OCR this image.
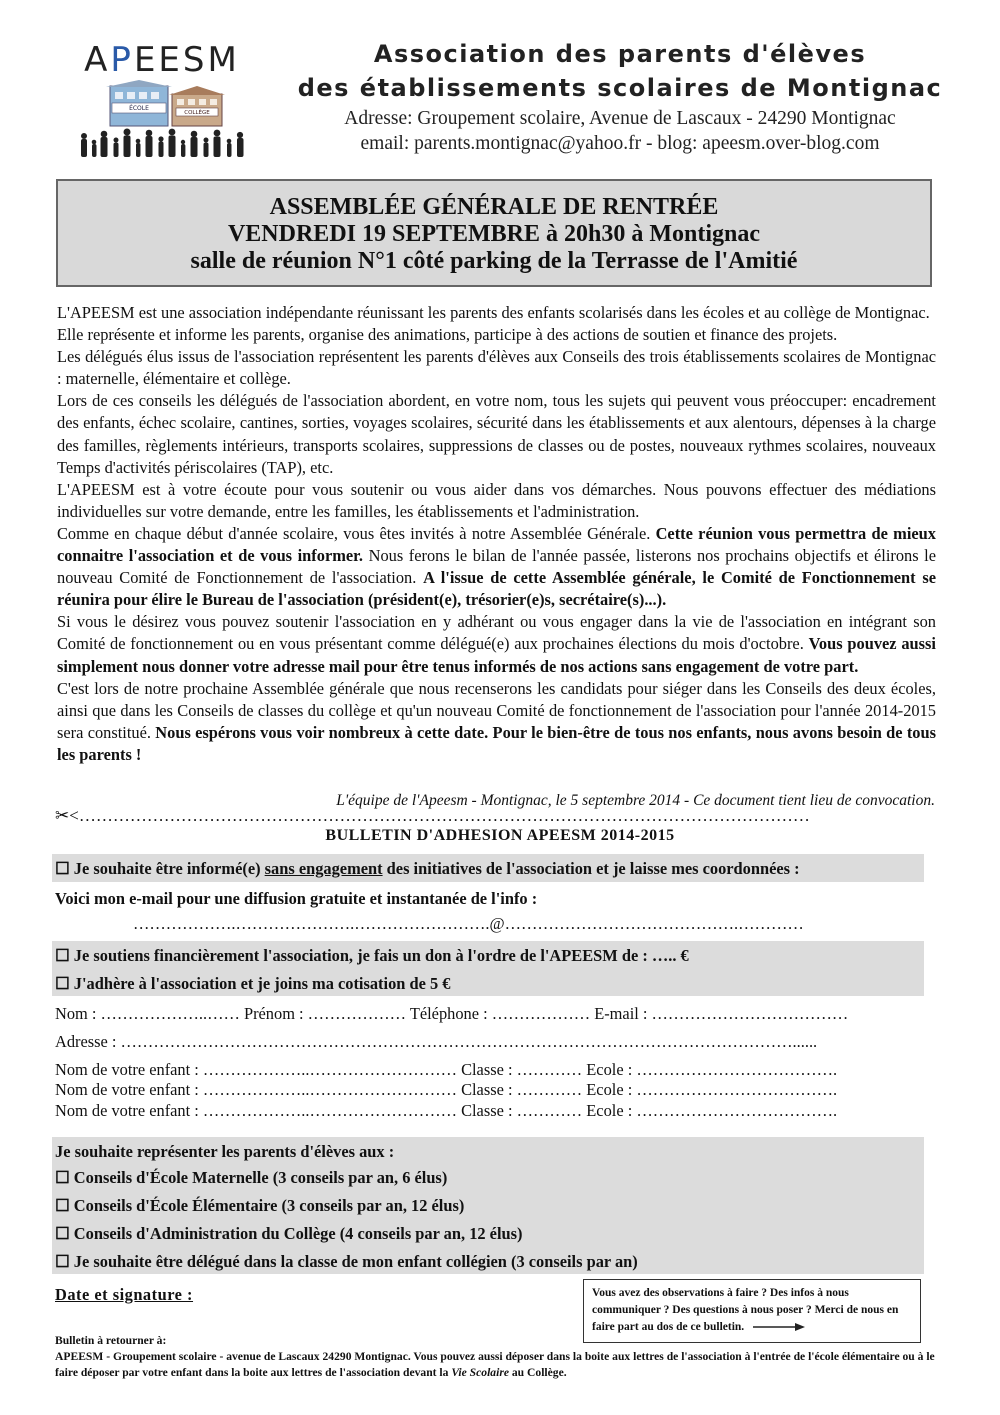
APEESM
ÉCOLE
COLLÈGE
Association des parents d'élèves
des établissements scolaires de Montignac
Adresse: Groupement scolaire, Avenue de Lascaux - 24290 Montignac
email: parents.montignac@yahoo.fr - blog: apeesm.over-blog.com
ASSEMBLÉE GÉNÉRALE DE RENTRÉE
VENDREDI 19 SEPTEMBRE à 20h30 à Montignac
salle de réunion N°1 côté parking de la Terrasse de l'Amitié

L'APEESM est une association indépendante réunissant les parents des enfants scolarisés dans les écoles et au collège de Montignac.

Elle représente et informe les parents, organise des animations, participe à des actions de soutien et finance des projets.

Les délégués élus issus de l'association représentent les parents d'élèves aux Conseils des trois établissements scolaires de Montignac : maternelle, élémentaire et collège.

Lors de ces conseils les délégués de l'association abordent, en votre nom, tous les sujets qui peuvent vous préoccuper: encadrement des enfants, échec scolaire, cantines, sorties, voyages scolaires, sécurité dans les établissements et aux alentours, dépenses à la charge des familles, règlements intérieurs, transports scolaires, suppressions de classes ou de postes, nouveaux rythmes scolaires, nouveaux Temps d'activités périscolaires (TAP), etc.

L'APEESM est à votre écoute pour vous soutenir ou vous aider dans vos démarches. Nous pouvons effectuer des médiations individuelles sur votre demande, entre les familles, les établissements et l'administration.

Comme en chaque début d'année scolaire, vous êtes invités à notre Assemblée Générale. Cette réunion vous permettra de mieux connaitre l'association et de vous informer. Nous ferons le bilan de l'année passée, listerons nos prochains objectifs et élirons le nouveau Comité de Fonctionnement de l'association. A l'issue de cette Assemblée générale, le Comité de Fonctionnement se réunira pour élire le Bureau de l'association (président(e), trésorier(e)s, secrétaire(s)...).

Si vous le désirez vous pouvez soutenir l'association en y adhérant ou vous engager dans la vie de l'association en intégrant son Comité de fonctionnement ou en vous présentant comme délégué(e) aux prochaines élections du mois d'octobre. Vous pouvez aussi simplement nous donner votre adresse mail pour être tenus informés de nos actions sans engagement de votre part.

C'est lors de notre prochaine Assemblée générale que nous recenserons les candidats pour siéger dans les Conseils des deux écoles, ainsi que dans les Conseils de classes du collège et qu'un nouveau Comité de fonctionnement de l'association pour l'année 2014-2015 sera constitué. Nous espérons vous voir nombreux à cette date. Pour le bien-être de tous nos enfants, nous avons besoin de tous les parents !

L'équipe de l'Apeesm - Montignac, le 5 septembre 2014 - Ce document tient lieu de convocation.
✂<…………………………………………………………………………………………………………………
BULLETIN D'ADHESION APEESM 2014-2015
☐ Je souhaite être informé(e) sans engagement des initiatives de l'association et je laisse mes coordonnées :
Voici mon e-mail pour une diffusion gratuite et instantanée de l'info :
……………….………………….…………………….@…………………………………….…………
☐ Je soutiens financièrement l'association, je fais un don à l'ordre de l'APEESM de : ….. €
☐ J'adhère à l'association et je joins ma cotisation de 5 €
Nom : ………………..…… Prénom : ……………… Téléphone : ……………… E-mail : ………………………………
Adresse : ……………………………………………………………………………………………………………......
Nom de votre enfant : ………………..……………………… Classe : ………… Ecole : ……………………………….
Nom de votre enfant : ………………..……………………… Classe : ………… Ecole : ……………………………….
Nom de votre enfant : ………………..……………………… Classe : ………… Ecole : ……………………………….
Je souhaite représenter les parents d'élèves aux :
☐ Conseils d'École Maternelle (3 conseils par an, 6 élus)
☐ Conseils d'École Élémentaire (3 conseils par an, 12 élus)
☐ Conseils d'Administration du Collège (4 conseils par an, 12 élus)
☐ Je souhaite être délégué dans la classe de mon enfant collégien (3 conseils par an)
Date et signature :	Vous avez des observations à faire ? Des infos à nous communiquer ? Des questions à nous poser ? Merci de nous en faire part au dos de ce bulletin.
Bulletin à retourner à:
APEESM - Groupement scolaire - avenue de Lascaux 24290 Montignac. Vous pouvez aussi déposer dans la boite aux lettres de l'association à l'entrée de l'école élémentaire ou à le faire déposer par votre enfant dans la boite aux lettres de l'association devant la Vie Scolaire au Collège.
